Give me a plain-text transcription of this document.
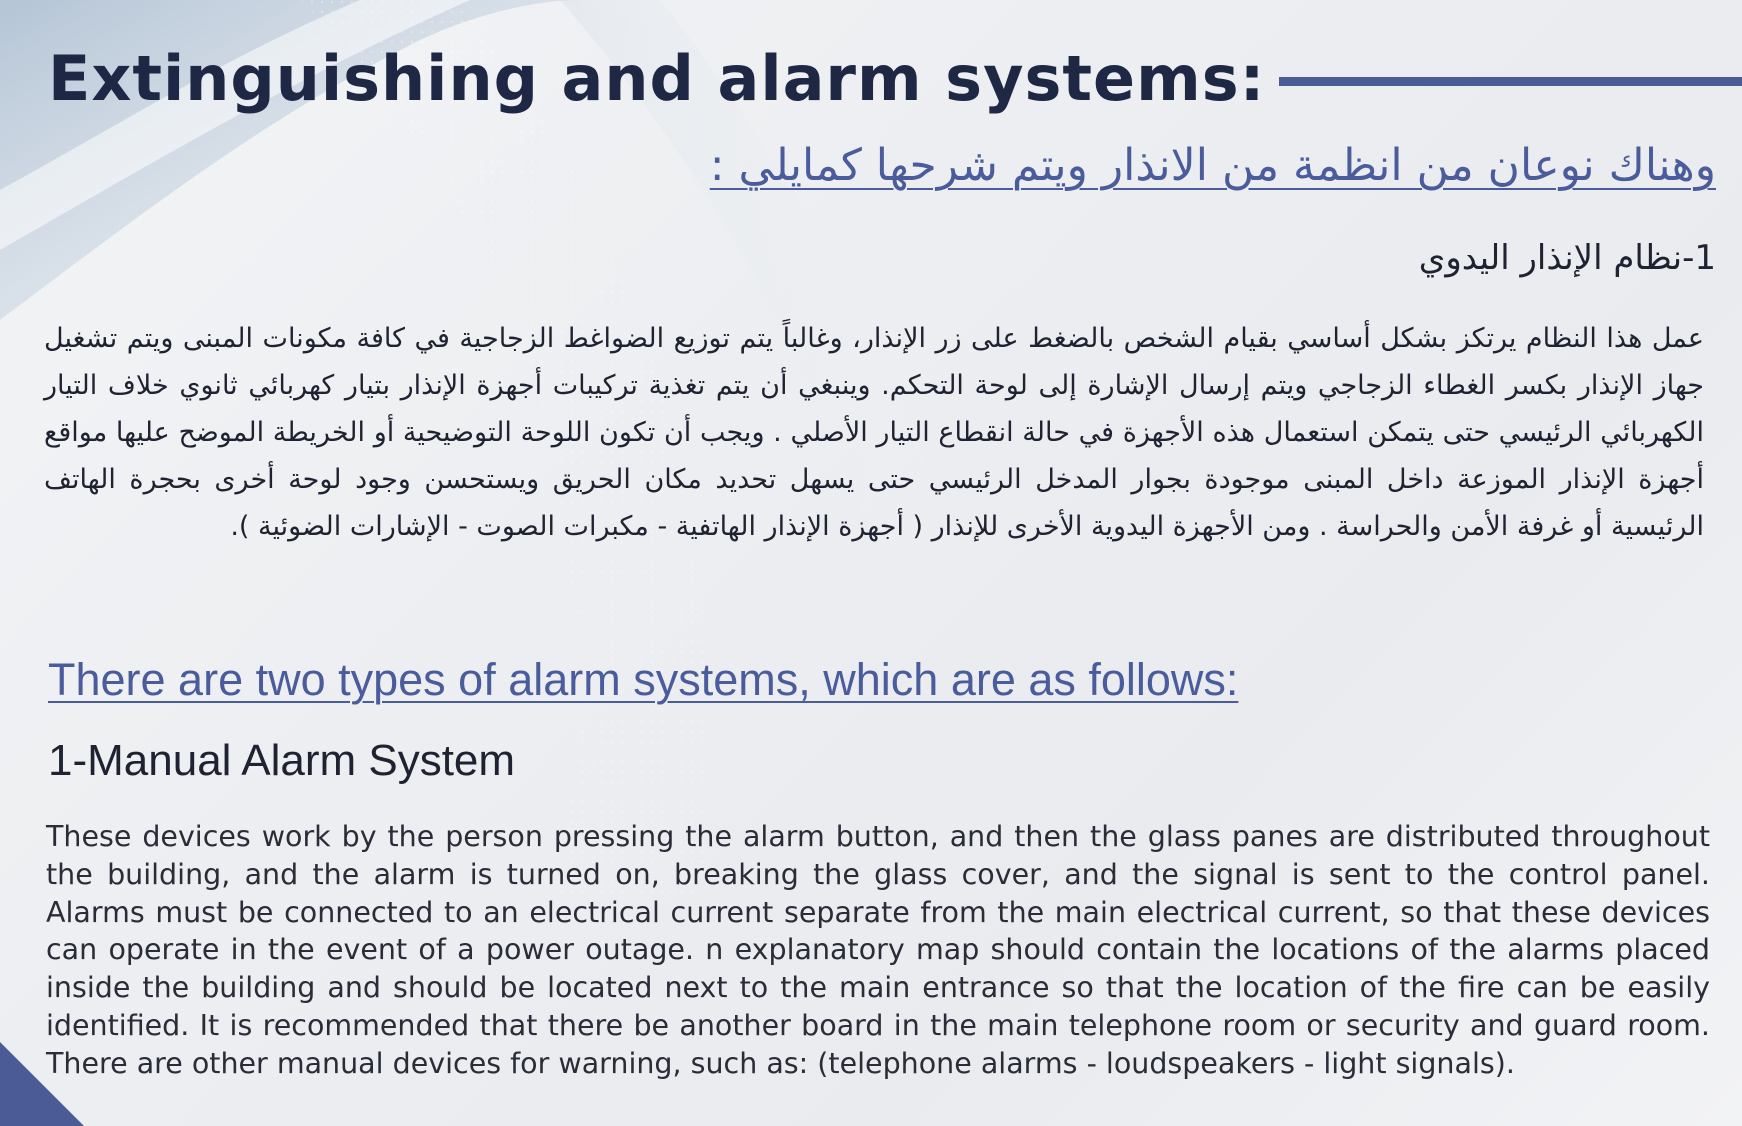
Extinguishing and alarm systems:
وهناك نوعان من انظمة من الانذار ويتم شرحها كمايلي :
1-نظام الإنذار اليدوي
عمل هذا النظام يرتكز بشكل أساسي بقيام الشخص بالضغط على زر الإنذار، وغالباً يتم توزيع الضواغط الزجاجية في كافة مكونات المبنى ويتم تشغيل جهاز الإنذار بكسر الغطاء الزجاجي ويتم إرسال الإشارة إلى لوحة التحكم. وينبغي أن يتم تغذية تركيبات أجهزة الإنذار بتيار كهربائي ثانوي خلاف التيار الكهربائي الرئيسي حتى يتمكن استعمال هذه الأجهزة في حالة انقطاع التيار الأصلي . ويجب أن تكون اللوحة التوضيحية أو الخريطة الموضح عليها مواقع أجهزة الإنذار الموزعة داخل المبنى موجودة بجوار المدخل الرئيسي حتى يسهل تحديد مكان الحريق ويستحسن وجود لوحة أخرى بحجرة الهاتف الرئيسية أو غرفة الأمن والحراسة . ومن الأجهزة اليدوية الأخرى للإنذار ( أجهزة الإنذار الهاتفية - مكبرات الصوت - الإشارات الضوئية ).
There are two types of alarm systems, which are as follows:
1-Manual Alarm System
These devices work by the person pressing the alarm button, and then the glass panes are distributed throughout the building, and the alarm is turned on, breaking the glass cover, and the signal is sent to the control panel. Alarms must be connected to an electrical current separate from the main electrical current, so that these devices can operate in the event of a power outage. n explanatory map should contain the locations of the alarms placed inside the building and should be located next to the main entrance so that the location of the fire can be easily identified. It is recommended that there be another board in the main telephone room or security and guard room. There are other manual devices for warning, such as: (telephone alarms - loudspeakers - light signals).
